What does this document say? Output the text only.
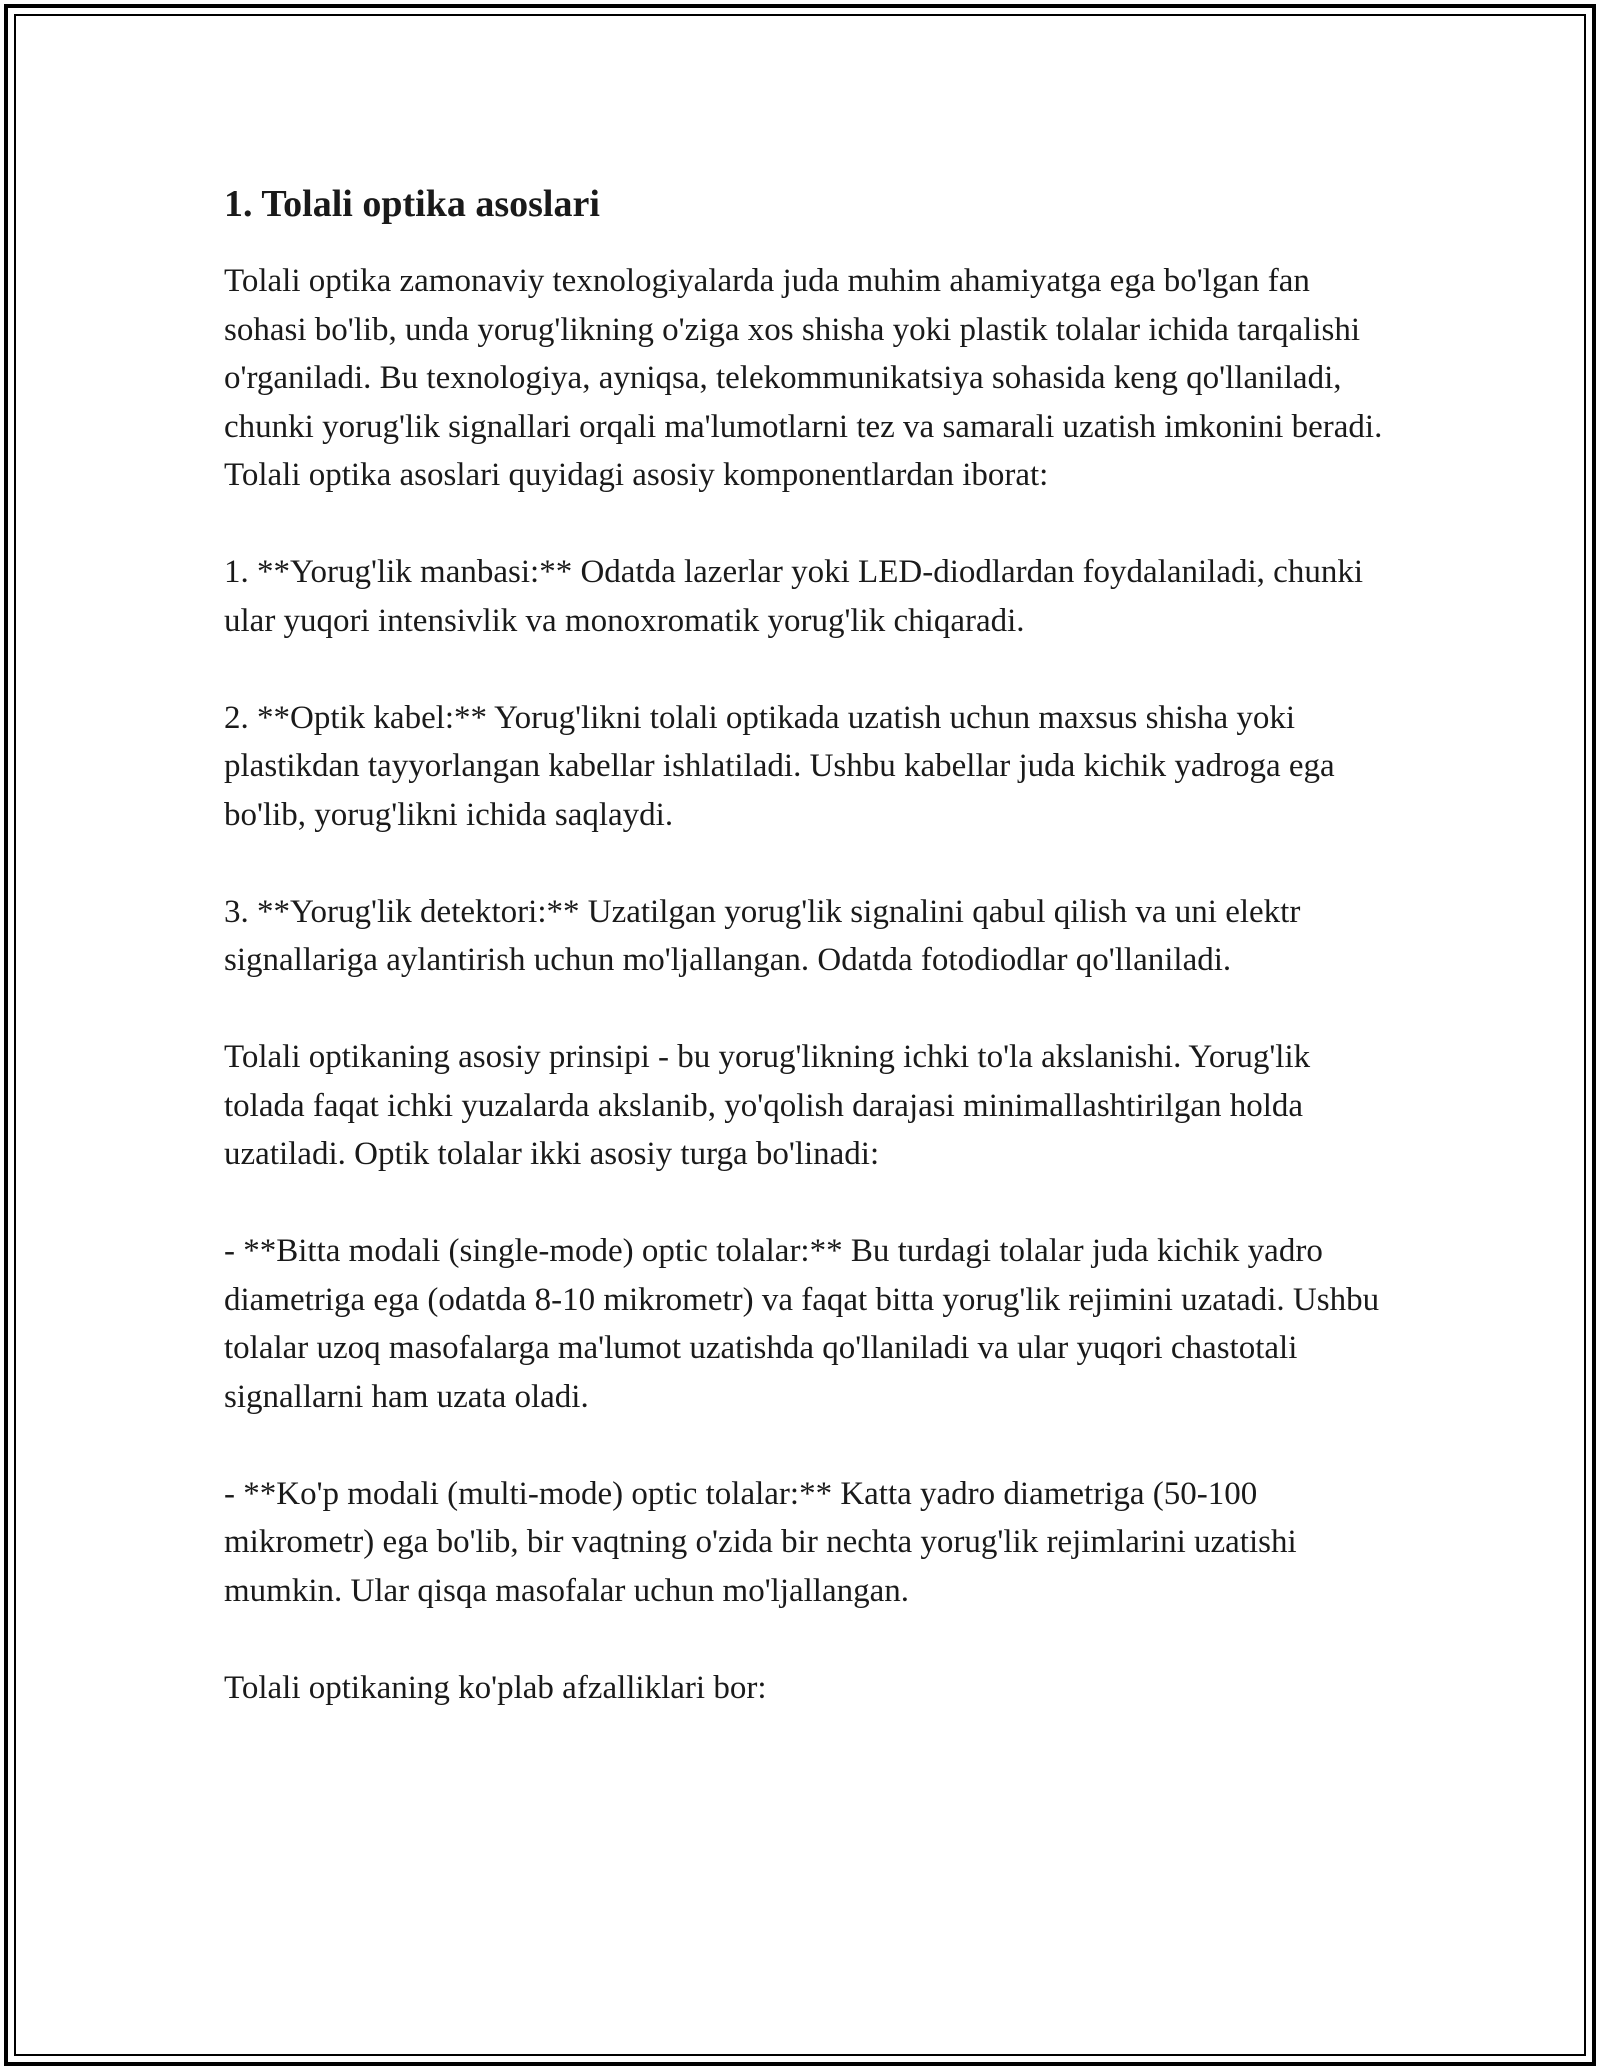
1. Tolali optika asoslari

Tolali optika zamonaviy texnologiyalarda juda muhim ahamiyatga ega bo'lgan fan sohasi bo'lib, unda yorug'likning o'ziga xos shisha yoki plastik tolalar ichida tarqalishi o'rganiladi. Bu texnologiya, ayniqsa, telekommunikatsiya sohasida keng qo'llaniladi, chunki yorug'lik signallari orqali ma'lumotlarni tez va samarali uzatish imkonini beradi. Tolali optika asoslari quyidagi asosiy komponentlardan iborat:

1. **Yorug'lik manbasi:** Odatda lazerlar yoki LED-diodlardan foydalaniladi, chunki ular yuqori intensivlik va monoxromatik yorug'lik chiqaradi.

2. **Optik kabel:** Yorug'likni tolali optikada uzatish uchun maxsus shisha yoki plastikdan tayyorlangan kabellar ishlatiladi. Ushbu kabellar juda kichik yadroga ega bo'lib, yorug'likni ichida saqlaydi.

3. **Yorug'lik detektori:** Uzatilgan yorug'lik signalini qabul qilish va uni elektr signallariga aylantirish uchun mo'ljallangan. Odatda fotodiodlar qo'llaniladi.

Tolali optikaning asosiy prinsipi - bu yorug'likning ichki to'la akslanishi. Yorug'lik tolada faqat ichki yuzalarda akslanib, yo'qolish darajasi minimallashtirilgan holda uzatiladi. Optik tolalar ikki asosiy turga bo'linadi:

- **Bitta modali (single-mode) optic tolalar:** Bu turdagi tolalar juda kichik yadro diametriga ega (odatda 8-10 mikrometr) va faqat bitta yorug'lik rejimini uzatadi. Ushbu tolalar uzoq masofalarga ma'lumot uzatishda qo'llaniladi va ular yuqori chastotali signallarni ham uzata oladi.

- **Ko'p modali (multi-mode) optic tolalar:** Katta yadro diametriga (50-100 mikrometr) ega bo'lib, bir vaqtning o'zida bir nechta yorug'lik rejimlarini uzatishi mumkin. Ular qisqa masofalar uchun mo'ljallangan.

Tolali optikaning ko'plab afzalliklari bor:
